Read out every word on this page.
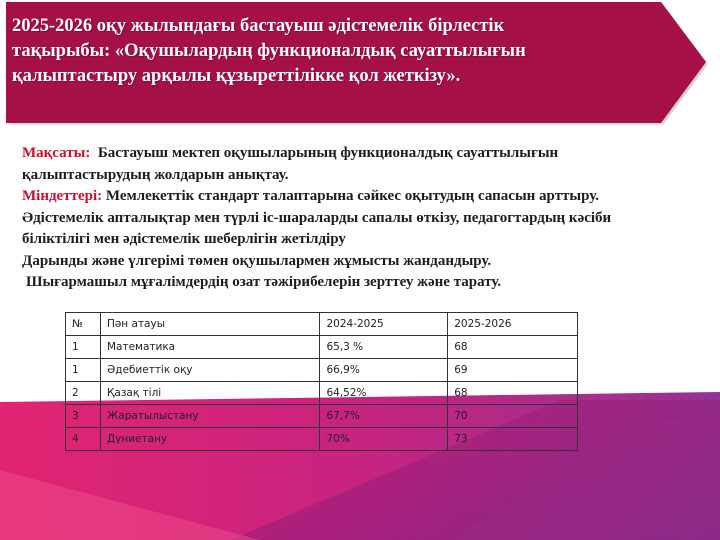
2025-2026 оқу жылындағы бастауыш әдістемелік бірлестік тақырыбы: «Оқушылардың функционалдық сауаттылығын қалыптастыру арқылы құзыреттілікке қол жеткізу».

Мақсаты: Бастауыш мектеп оқушыларының функционалдық сауаттылығын қалыптастырудың жолдарын анықтау.

Міндеттері: Мемлекеттік стандарт талаптарына сәйкес оқытудың сапасын арттыру. Әдістемелік апталықтар мен түрлі іс-шараларды сапалы өткізу, педагогтардың кәсіби біліктілігі мен әдістемелік шеберлігін жетілдіру

Дарынды және үлгерімі төмен оқушылармен жұмысты жандандыру.

Шығармашыл мұғалімдердің озат тәжірибелерін зерттеу және тарату.

№	Пән атауы	2024-2025	2025-2026
1	Математика	65,3 %	68
1	Әдебиеттік оқу	66,9%	69
2	Қазақ тілі	64,52%	68
3	Жаратылыстану	67,7%	70
4	Дүниетану	70%	73
